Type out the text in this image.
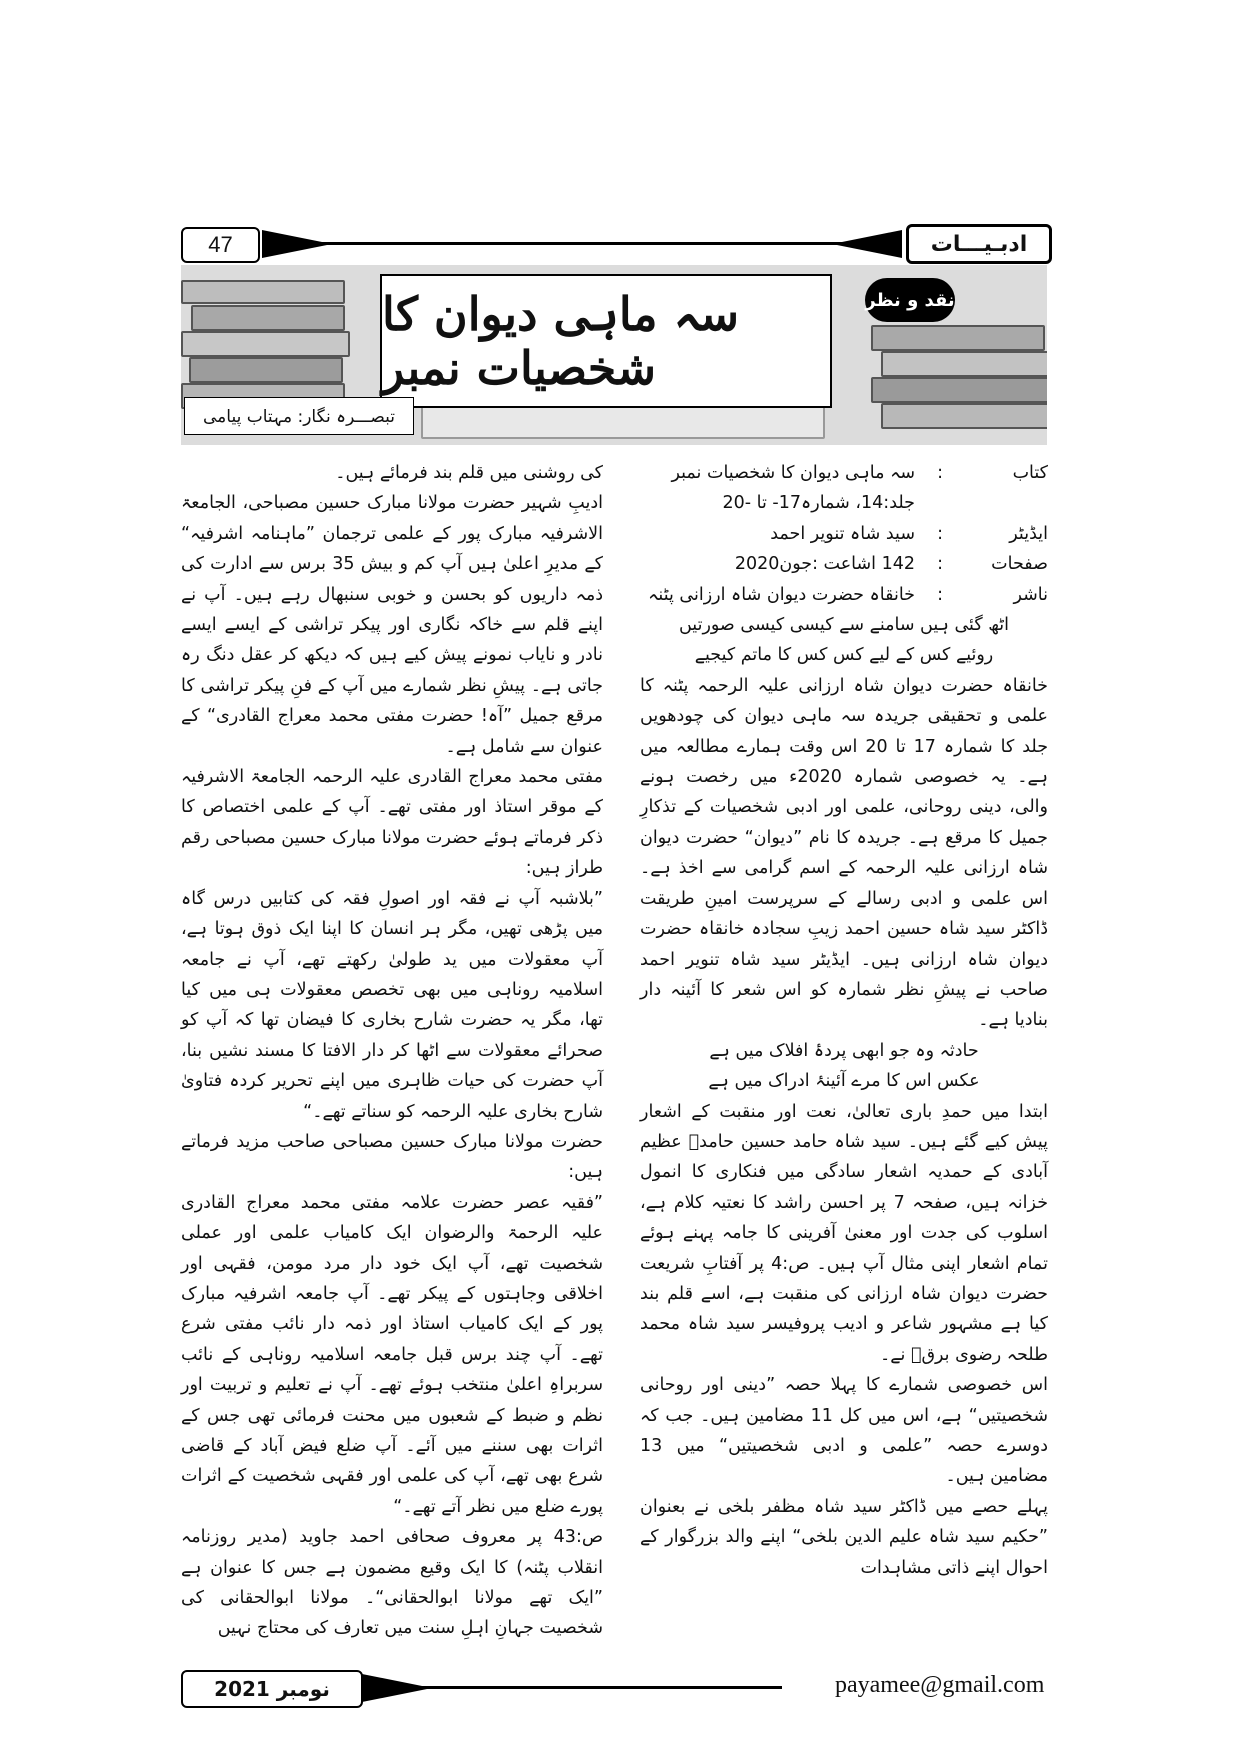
47	ادبـیـــات
سہ ماہی دیوان کا شخصیات نمبر
نقد و نظر
تبصـــرہ نگار: مہتاب پیامی
کتاب
:
سہ ماہی دیوان کا شخصیات نمبر
جلد:14، شمارہ17- تا -20
ایڈیٹر
:
سید شاہ تنویر احمد
صفحات
:
142 اشاعت :جون2020
ناشر
:
خانقاہ حضرت دیوان شاہ ارزانی پٹنہ

اٹھ گئی ہیں سامنے سے کیسی کیسی صورتیں

روئیے کس کے لیے کس کس کا ماتم کیجیے

خانقاہ حضرت دیوان شاہ ارزانی علیہ الرحمہ پٹنہ کا علمی و تحقیقی جریدہ سہ ماہی دیوان کی چودھویں جلد کا شمارہ 17 تا 20 اس وقت ہمارے مطالعہ میں ہے۔ یہ خصوصی شمارہ 2020ء میں رخصت ہونے والی، دینی روحانی، علمی اور ادبی شخصیات کے تذکارِ جمیل کا مرقع ہے۔ جریدہ کا نام ”دیوان“ حضرت دیوان شاہ ارزانی علیہ الرحمہ کے اسم گرامی سے اخذ ہے۔ اس علمی و ادبی رسالے کے سرپرست امینِ طریقت ڈاکٹر سید شاہ حسین احمد زیبِ سجادہ خانقاہ حضرت دیوان شاہ ارزانی ہیں۔ ایڈیٹر سید شاہ تنویر احمد صاحب نے پیشِ نظر شمارہ کو اس شعر کا آئینہ دار بنادیا ہے۔

حادثہ وہ جو ابھی پردۂ افلاک میں ہے

عکس اس کا مرے آئینۂ ادراک میں ہے

ابتدا میں حمدِ باری تعالیٰ، نعت اور منقبت کے اشعار پیش کیے گئے ہیں۔ سید شاہ حامد حسین حامدؔ عظیم آبادی کے حمدیہ اشعار سادگی میں فنکاری کا انمول خزانہ ہیں، صفحہ 7 پر احسن راشد کا نعتیہ کلام ہے، اسلوب کی جدت اور معنیٰ آفرینی کا جامہ پہنے ہوئے تمام اشعار اپنی مثال آپ ہیں۔ ص:4 پر آفتابِ شریعت حضرت دیوان شاہ ارزانی کی منقبت ہے، اسے قلم بند کیا ہے مشہور شاعر و ادیب پروفیسر سید شاہ محمد طلحہ رضوی برقؔ نے۔

اس خصوصی شمارے کا پہلا حصہ ”دینی اور روحانی شخصیتیں“ ہے، اس میں کل 11 مضامین ہیں۔ جب کہ دوسرے حصہ ”علمی و ادبی شخصیتیں“ میں 13 مضامین ہیں۔

پہلے حصے میں ڈاکٹر سید شاہ مظفر بلخی نے بعنوان ”حکیم سید شاہ علیم الدین بلخی“ اپنے والد بزرگوار کے احوال اپنے ذاتی مشاہدات

کی روشنی میں قلم بند فرمائے ہیں۔

ادیبِ شہیر حضرت مولانا مبارک حسین مصباحی، الجامعۃ الاشرفیہ مبارک پور کے علمی ترجمان ”ماہنامہ اشرفیہ“ کے مدیرِ اعلیٰ ہیں آپ کم و بیش 35 برس سے ادارت کی ذمہ داریوں کو بحسن و خوبی سنبھال رہے ہیں۔ آپ نے اپنے قلم سے خاکہ نگاری اور پیکر تراشی کے ایسے ایسے نادر و نایاب نمونے پیش کیے ہیں کہ دیکھ کر عقل دنگ رہ جاتی ہے۔ پیشِ نظر شمارے میں آپ کے فنِ پیکر تراشی کا مرقع جمیل ”آہ! حضرت مفتی محمد معراج القادری“ کے عنوان سے شامل ہے۔

مفتی محمد معراج القادری علیہ الرحمہ الجامعۃ الاشرفیہ کے موقر استاذ اور مفتی تھے۔ آپ کے علمی اختصاص کا ذکر فرماتے ہوئے حضرت مولانا مبارک حسین مصباحی رقم طراز ہیں:

”بلاشبہ آپ نے فقہ اور اصولِ فقہ کی کتابیں درس گاہ میں پڑھی تھیں، مگر ہر انسان کا اپنا ایک ذوق ہوتا ہے، آپ معقولات میں ید طولیٰ رکھتے تھے، آپ نے جامعہ اسلامیہ روناہی میں بھی تخصص معقولات ہی میں کیا تھا، مگر یہ حضرت شارح بخاری کا فیضان تھا کہ آپ کو صحرائے معقولات سے اٹھا کر دار الافتا کا مسند نشیں بنا، آپ حضرت کی حیات ظاہری میں اپنے تحریر کردہ فتاویٰ شارح بخاری علیہ الرحمہ کو سناتے تھے۔“

حضرت مولانا مبارک حسین مصباحی صاحب مزید فرماتے ہیں:

”فقیہ عصر حضرت علامہ مفتی محمد معراج القادری علیہ الرحمۃ والرضوان ایک کامیاب علمی اور عملی شخصیت تھے، آپ ایک خود دار مرد مومن، فقہی اور اخلاقی وجاہتوں کے پیکر تھے۔ آپ جامعہ اشرفیہ مبارک پور کے ایک کامیاب استاذ اور ذمہ دار نائب مفتی شرع تھے۔ آپ چند برس قبل جامعہ اسلامیہ روناہی کے نائب سربراہِ اعلیٰ منتخب ہوئے تھے۔ آپ نے تعلیم و تربیت اور نظم و ضبط کے شعبوں میں محنت فرمائی تھی جس کے اثرات بھی سننے میں آئے۔ آپ ضلع فیض آباد کے قاضی شرع بھی تھے، آپ کی علمی اور فقہی شخصیت کے اثرات پورے ضلع میں نظر آتے تھے۔“

ص:43 پر معروف صحافی احمد جاوید (مدیر روزنامہ انقلاب پٹنہ) کا ایک وقیع مضمون ہے جس کا عنوان ہے ”ایک تھے مولانا ابوالحقانی“۔ مولانا ابوالحقانی کی شخصیت جہانِ اہلِ سنت میں تعارف کی محتاج نہیں

نومبر 2021	payamee@gmail.com
